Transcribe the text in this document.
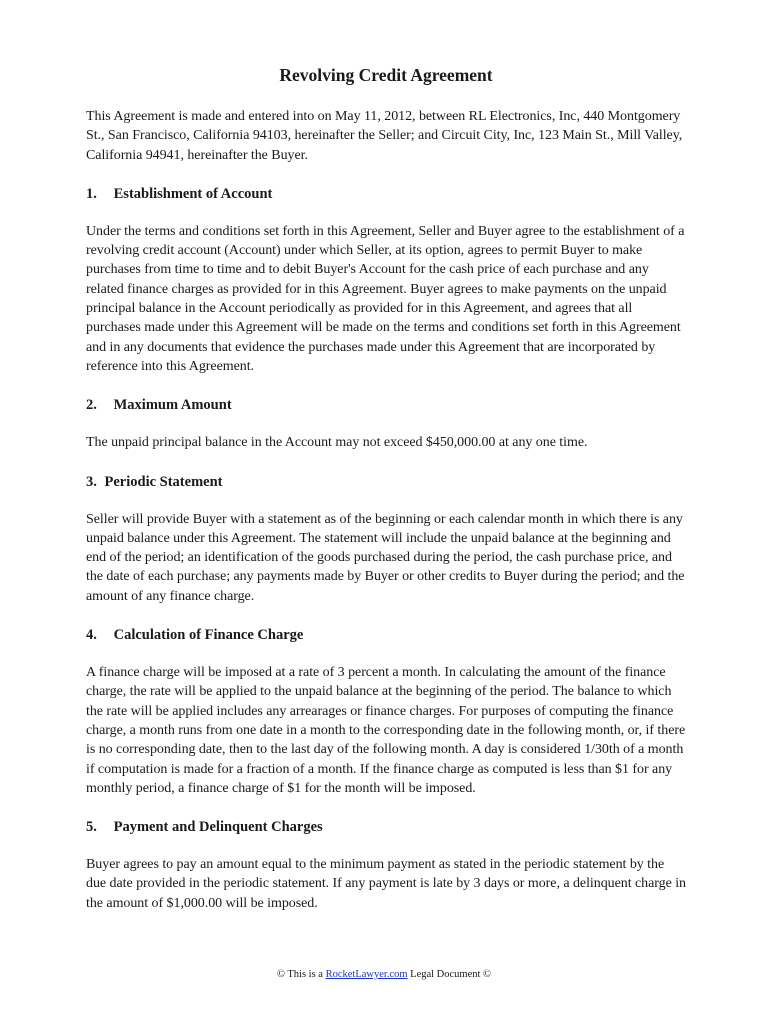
Revolving Credit Agreement

This Agreement is made and entered into on May 11, 2012, between RL Electronics, Inc, 440 Montgomery St., San Francisco, California 94103, hereinafter the Seller; and Circuit City, Inc, 123 Main St., Mill Valley, California 94941, hereinafter the Buyer.

1. Establishment of Account

Under the terms and conditions set forth in this Agreement, Seller and Buyer agree to the establishment of a revolving credit account (Account) under which Seller, at its option, agrees to permit Buyer to make purchases from time to time and to debit Buyer's Account for the cash price of each purchase and any related finance charges as provided for in this Agreement. Buyer agrees to make payments on the unpaid principal balance in the Account periodically as provided for in this Agreement, and agrees that all purchases made under this Agreement will be made on the terms and conditions set forth in this Agreement and in any documents that evidence the purchases made under this Agreement that are incorporated by reference into this Agreement.

2. Maximum Amount

The unpaid principal balance in the Account may not exceed $450,000.00 at any one time.

3. Periodic Statement

Seller will provide Buyer with a statement as of the beginning or each calendar month in which there is any unpaid balance under this Agreement. The statement will include the unpaid balance at the beginning and end of the period; an identification of the goods purchased during the period, the cash purchase price, and the date of each purchase; any payments made by Buyer or other credits to Buyer during the period; and the amount of any finance charge.

4. Calculation of Finance Charge

A finance charge will be imposed at a rate of 3 percent a month. In calculating the amount of the finance charge, the rate will be applied to the unpaid balance at the beginning of the period. The balance to which the rate will be applied includes any arrearages or finance charges. For purposes of computing the finance charge, a month runs from one date in a month to the corresponding date in the following month, or, if there is no corresponding date, then to the last day of the following month. A day is considered 1/30th of a month if computation is made for a fraction of a month. If the finance charge as computed is less than $1 for any monthly period, a finance charge of $1 for the month will be imposed.

5. Payment and Delinquent Charges

Buyer agrees to pay an amount equal to the minimum payment as stated in the periodic statement by the due date provided in the periodic statement. If any payment is late by 3 days or more, a delinquent charge in the amount of $1,000.00 will be imposed.

© This is a RocketLawyer.com Legal Document ©
